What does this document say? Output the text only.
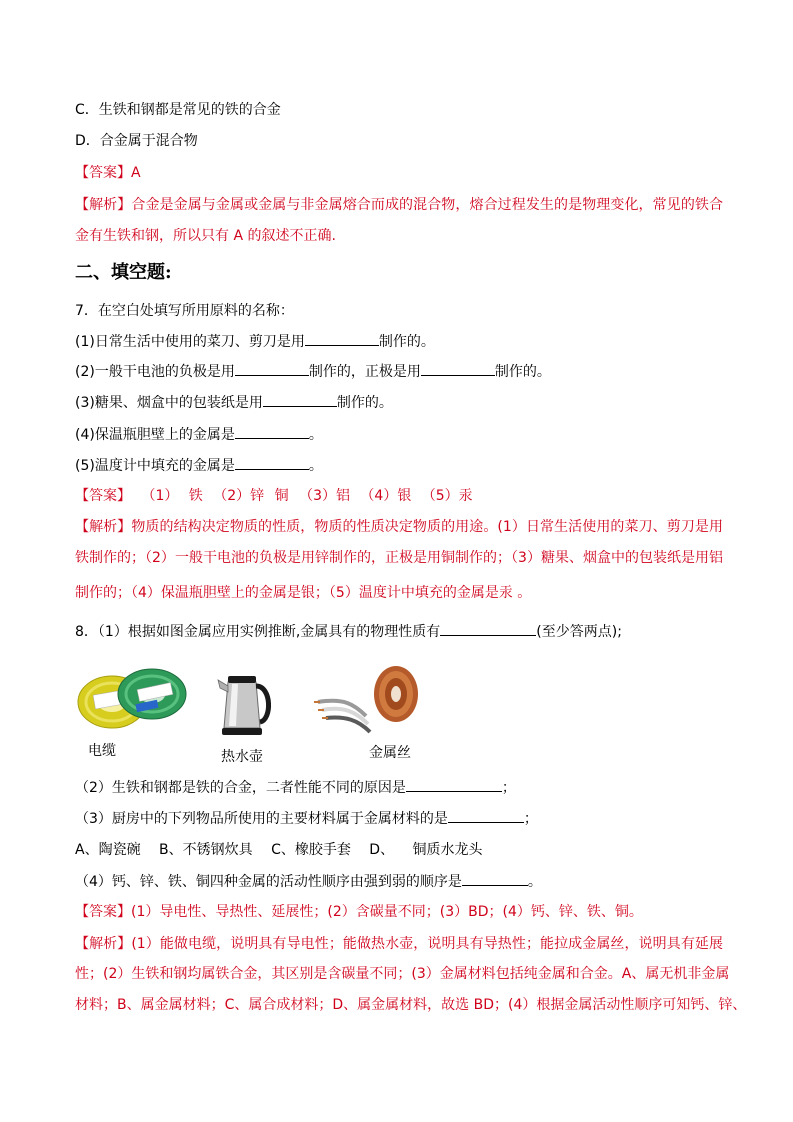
C．生铁和钢都是常见的铁的合金
D．合金属于混合物
【答案】A
【解析】合金是金属与金属或金属与非金属熔合而成的混合物，熔合过程发生的是物理变化，常见的铁合
金有生铁和钢，所以只有 A 的叙述不正确.
二、填空题:
7．在空白处填写所用原料的名称：
(1)日常生活中使用的菜刀、剪刀是用	制作的。
(2)一般干电池的负极是用	制作的，正极是用	制作的。
(3)糖果、烟盒中的包装纸是用	制作的。
(4)保温瓶胆壁上的金属是	。
(5)温度计中填充的金属是	。
【答案】 （1） 铁 （2）锌 铜 （3）铝 （4）银 （5）汞
【解析】物质的结构决定物质的性质，物质的性质决定物质的用途。(1）日常生活使用的菜刀、剪刀是用
铁制作的；（2）一般干电池的负极是用锌制作的，正极是用铜制作的；（3）糖果、烟盒中的包装纸是用铝
制作的；（4）保温瓶胆壁上的金属是银；（5）温度计中填充的金属是汞 。
8．（1）根据如图金属应用实例推断,金属具有的物理性质有	(至少答两点);
电缆	热水壶	金属丝
（2）生铁和钢都是铁的合金，二者性能不同的原因是	；
（3）厨房中的下列物品所使用的主要材料属于金属材料的是	；
A、陶瓷碗 B、不锈钢炊具 C、橡胶手套 D、 铜质水龙头
（4）钙、锌、铁、铜四种金属的活动性顺序由强到弱的顺序是	。
【答案】(1）导电性、导热性、延展性；(2）含碳量不同；(3）BD；(4）钙、锌、铁、铜。
【解析】(1）能做电缆，说明具有导电性；能做热水壶，说明具有导热性；能拉成金属丝，说明具有延展
性；(2）生铁和钢均属铁合金，其区别是含碳量不同；(3）金属材料包括纯金属和合金。A、属无机非金属
材料；B、属金属材料；C、属合成材料；D、属金属材料，故选 BD；(4）根据金属活动性顺序可知钙、锌、
